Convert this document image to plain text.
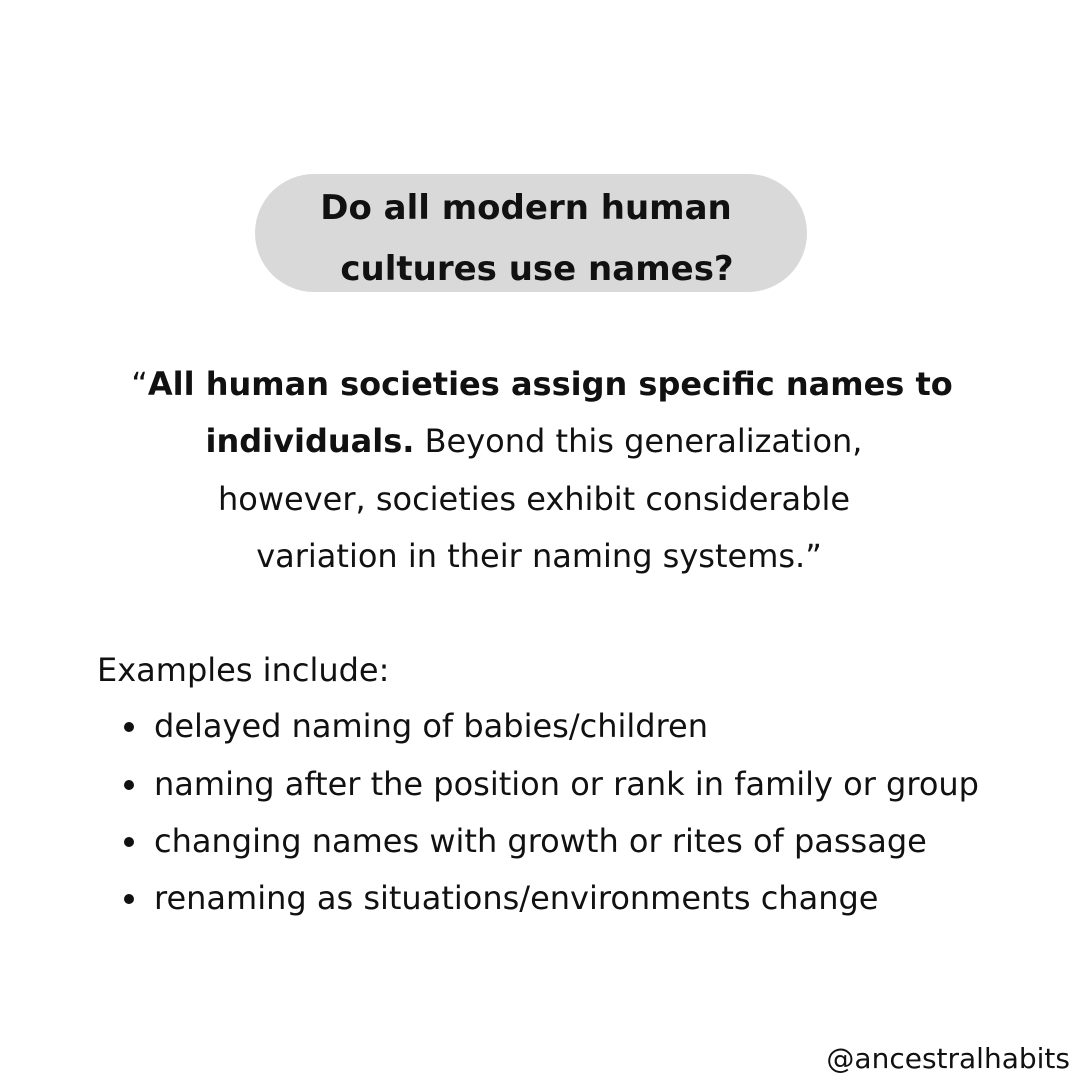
Do all modern human
cultures use names?
“All human societies assign specific names to
individuals. Beyond this generalization,
however, societies exhibit considerable
variation in their naming systems.”
Examples include:
delayed naming of babies/children
naming after the position or rank in family or group
changing names with growth or rites of passage
renaming as situations/environments change
@ancestralhabits
